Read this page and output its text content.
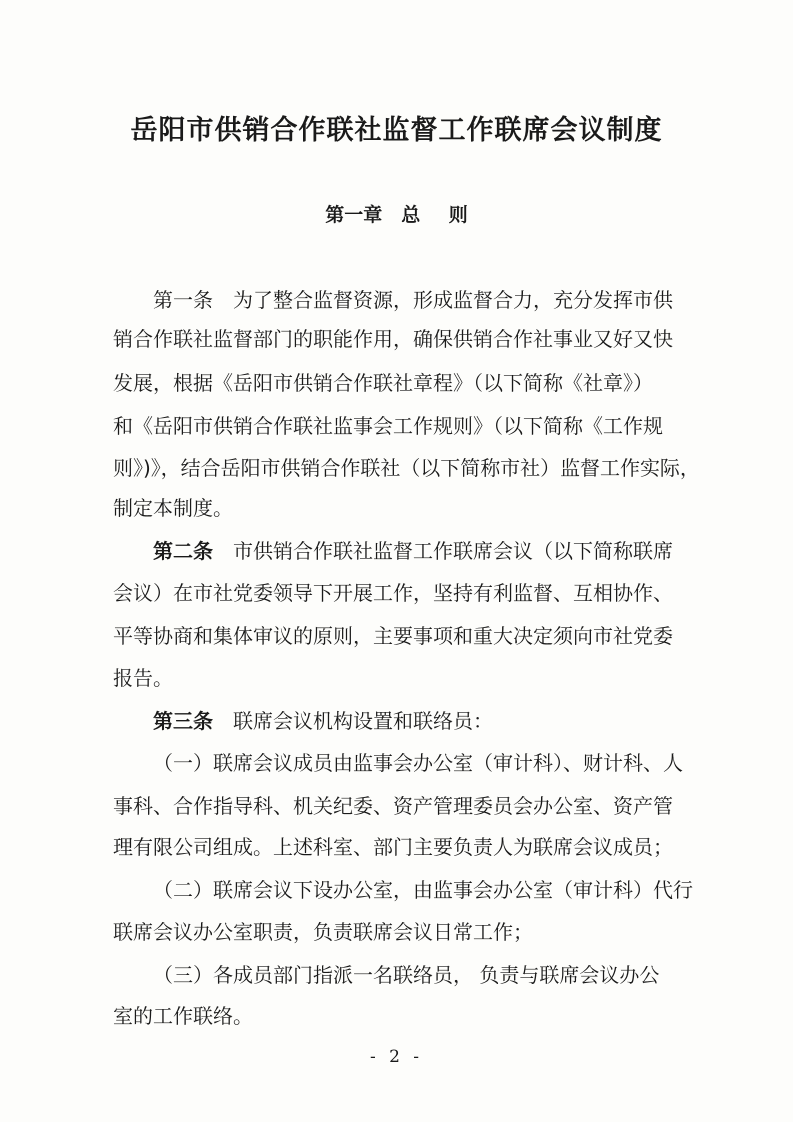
岳阳市供销合作联社监督工作联席会议制度
第一章　总 则
第一条 为了整合监督资源，形成监督合力，充分发挥市供
销合作联社监督部门的职能作用，确保供销合作社事业又好又快
发展，根据《岳阳市供销合作联社章程》（以下简称《社章》）
和《岳阳市供销合作联社监事会工作规则》（以下简称《工作规
则》)》，结合岳阳市供销合作联社（以下简称市社）监督工作实际，
制定本制度。
第二条 市供销合作联社监督工作联席会议（以下简称联席
会议）在市社党委领导下开展工作，坚持有利监督、互相协作、
平等协商和集体审议的原则，主要事项和重大决定须向市社党委
报告。
第三条 联席会议机构设置和联络员：
（一）联席会议成员由监事会办公室（审计科）、财计科、人
事科、合作指导科、机关纪委、资产管理委员会办公室、资产管
理有限公司组成。上述科室、部门主要负责人为联席会议成员；
（二）联席会议下设办公室，由监事会办公室（审计科）代行
联席会议办公室职责，负责联席会议日常工作；
（三）各成员部门指派一名联络员， 负责与联席会议办公
室的工作联络。
- 2 -
